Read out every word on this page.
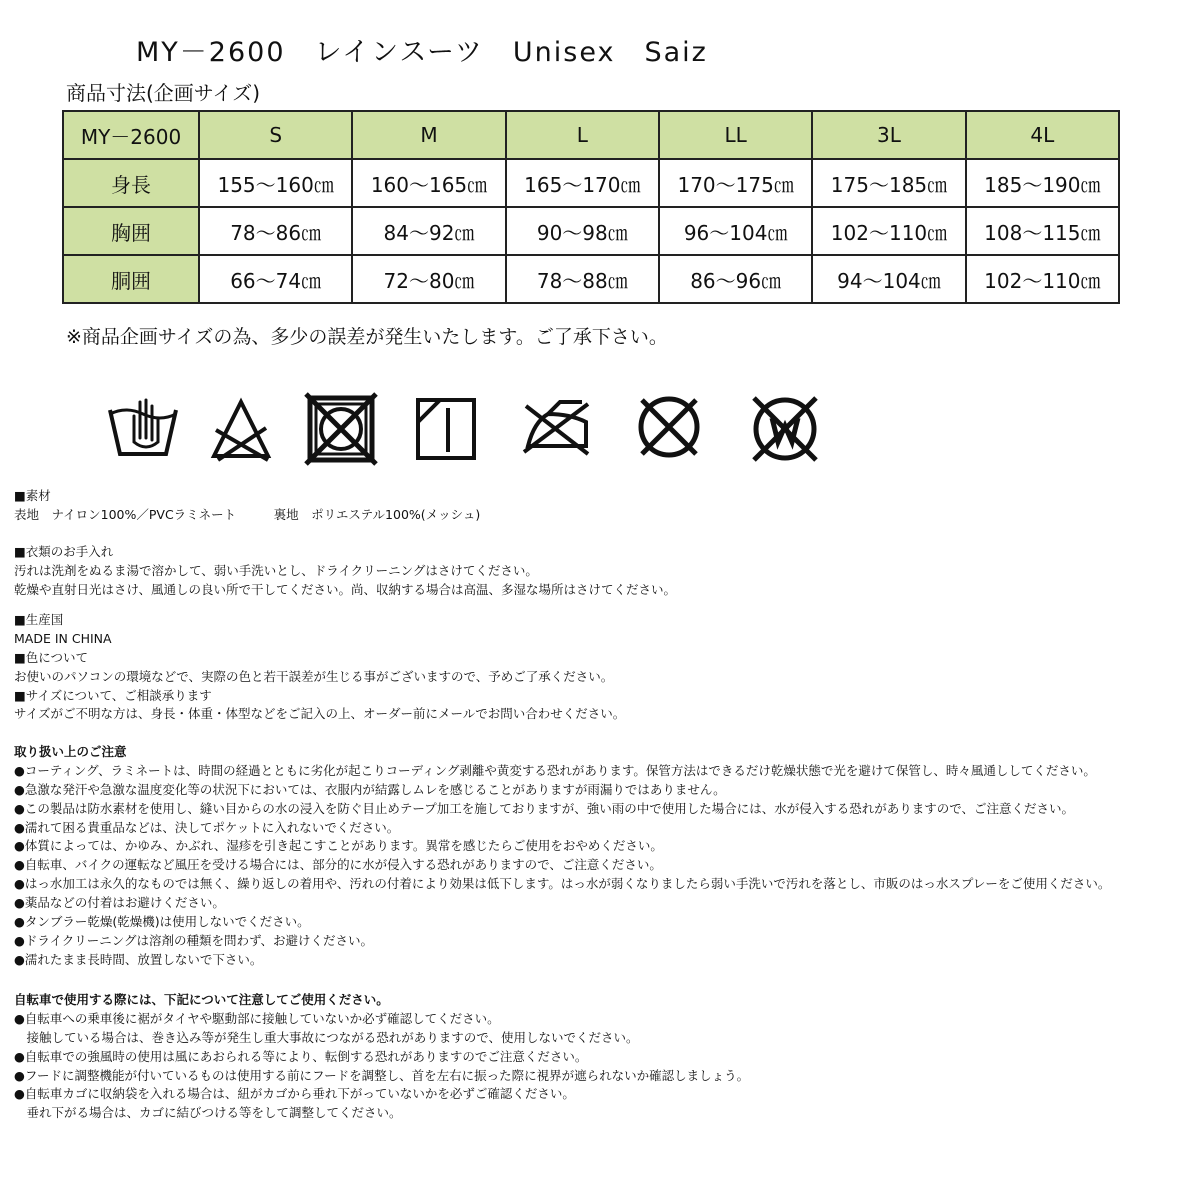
MY－2600　レインスーツ　Unisex　Saiz
商品寸法(企画サイズ)
MY－2600	S	M	L	LL	3L	4L
身長	155～160㎝	160～165㎝	165～170㎝	170～175㎝	175～185㎝	185～190㎝
胸囲	78～86㎝	84～92㎝	90～98㎝	96～104㎝	102～110㎝	108～115㎝
胴囲	66～74㎝	72～80㎝	78～88㎝	86～96㎝	94～104㎝	102～110㎝
※商品企画サイズの為、多少の誤差が発生いたします。ご了承下さい。
■素材
表地　ナイロン100%／PVCラミネート　　　裏地　ポリエステル100%(メッシュ)
■衣類のお手入れ
汚れは洗剤をぬるま湯で溶かして、弱い手洗いとし、ドライクリーニングはさけてください。
乾燥や直射日光はさけ、風通しの良い所で干してください。尚、収納する場合は高温、多湿な場所はさけてください。
■生産国
MADE IN CHINA
■色について
お使いのパソコンの環境などで、実際の色と若干誤差が生じる事がございますので、予めご了承ください。
■サイズについて、ご相談承ります
サイズがご不明な方は、身長・体重・体型などをご記入の上、オーダー前にメールでお問い合わせください。
取り扱い上のご注意
●コーティング、ラミネートは、時間の経過とともに劣化が起こりコーディング剥離や黄変する恐れがあります。保管方法はできるだけ乾燥状態で光を避けて保管し、時々風通ししてください。
●急激な発汗や急激な温度変化等の状況下においては、衣服内が結露しムレを感じることがありますが雨漏りではありません。
●この製品は防水素材を使用し、縫い目からの水の浸入を防ぐ目止めテープ加工を施しておりますが、強い雨の中で使用した場合には、水が侵入する恐れがありますので、ご注意ください。
●濡れて困る貴重品などは、決してポケットに入れないでください。
●体質によっては、かゆみ、かぶれ、湿疹を引き起こすことがあります。異常を感じたらご使用をおやめください。
●自転車、バイクの運転など風圧を受ける場合には、部分的に水が侵入する恐れがありますので、ご注意ください。
●はっ水加工は永久的なものでは無く、繰り返しの着用や、汚れの付着により効果は低下します。はっ水が弱くなりましたら弱い手洗いで汚れを落とし、市販のはっ水スプレーをご使用ください。
●薬品などの付着はお避けください。
●タンブラー乾燥(乾燥機)は使用しないでください。
●ドライクリーニングは溶剤の種類を問わず、お避けください。
●濡れたまま長時間、放置しないで下さい。
自転車で使用する際には、下記について注意してご使用ください。
●自転車への乗車後に裾がタイヤや駆動部に接触していないか必ず確認してください。
　接触している場合は、巻き込み等が発生し重大事故につながる恐れがありますので、使用しないでください。
●自転車での強風時の使用は風にあおられる等により、転倒する恐れがありますのでご注意ください。
●フードに調整機能が付いているものは使用する前にフードを調整し、首を左右に振った際に視界が遮られないか確認しましょう。
●自転車カゴに収納袋を入れる場合は、紐がカゴから垂れ下がっていないかを必ずご確認ください。
　垂れ下がる場合は、カゴに結びつける等をして調整してください。
